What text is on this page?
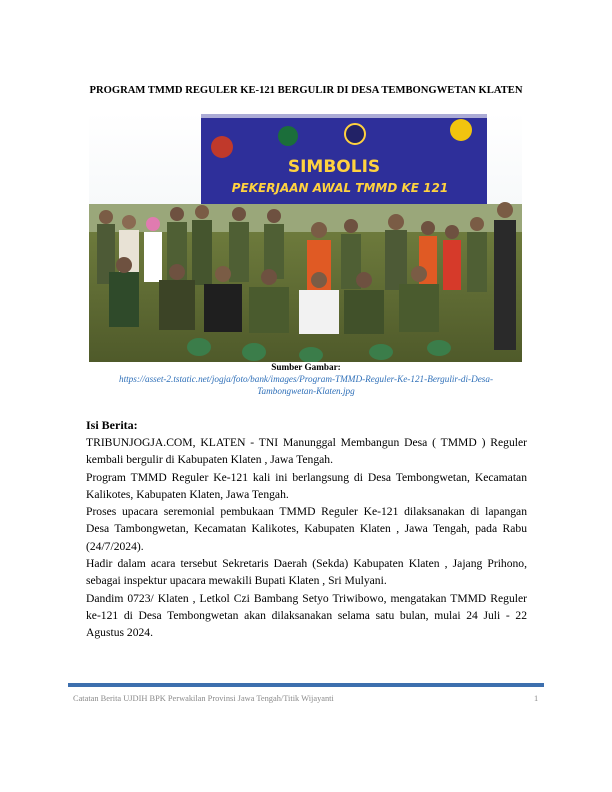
PROGRAM TMMD REGULER KE-121 BERGULIR DI DESA TEMBONGWETAN KLATEN
SIMBOLIS
PEKERJAAN AWAL TMMD KE 121
Sumber Gambar:
https://asset-2.tstatic.net/jogja/foto/bank/images/Program-TMMD-Reguler-Ke-121-Bergulir-di-Desa-Tambongwetan-Klaten.jpg
Isi Berita:

TRIBUNJOGJA.COM, KLATEN - TNI Manunggal Membangun Desa ( TMMD ) Reguler kembali bergulir di Kabupaten Klaten , Jawa Tengah.

Program TMMD Reguler Ke-121 kali ini berlangsung di Desa Tembongwetan, Kecamatan Kalikotes, Kabupaten Klaten, Jawa Tengah.

Proses upacara seremonial pembukaan TMMD Reguler Ke-121 dilaksanakan di lapangan Desa Tambongwetan, Kecamatan Kalikotes, Kabupaten Klaten , Jawa Tengah, pada Rabu (24/7/2024).

Hadir dalam acara tersebut Sekretaris Daerah (Sekda) Kabupaten Klaten , Jajang Prihono, sebagai inspektur upacara mewakili Bupati Klaten , Sri Mulyani.

Dandim 0723/ Klaten , Letkol Czi Bambang Setyo Triwibowo, mengatakan TMMD Reguler ke-121 di Desa Tembongwetan akan dilaksanakan selama satu bulan, mulai 24 Juli - 22 Agustus 2024.

Catatan Berita UJDIH BPK Perwakilan Provinsi Jawa Tengah/Titik Wijayanti	1
